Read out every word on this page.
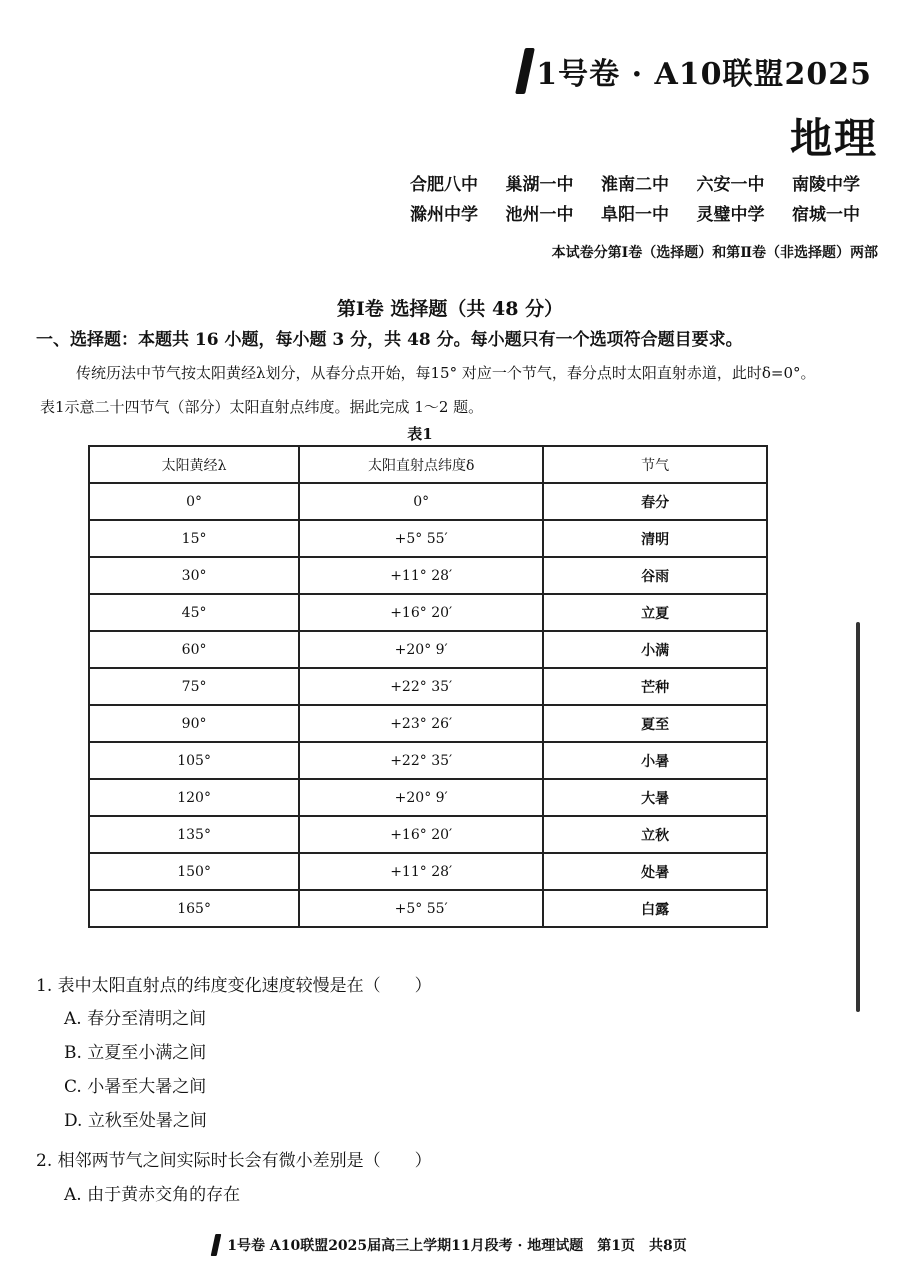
1号卷 · A10联盟2025
地理
合肥八中 巢湖一中 淮南二中 六安一中 南陵中学
滁州中学 池州一中 阜阳一中 灵璧中学 宿城一中
本试卷分第Ⅰ卷（选择题）和第Ⅱ卷（非选择题）两部
第Ⅰ卷 选择题（共 48 分）
一、选择题：本题共 16 小题，每小题 3 分，共 48 分。每小题只有一个选项符合题目要求。
传统历法中节气按太阳黄经λ划分，从春分点开始，每15° 对应一个节气，春分点时太阳直射赤道，此时δ=0°。表1示意二十四节气（部分）太阳直射点纬度。据此完成 1～2 题。
表1
太阳黄经λ	太阳直射点纬度δ	节气
0°	0°	春分
15°	+5° 55′	清明
30°	+11° 28′	谷雨
45°	+16° 20′	立夏
60°	+20° 9′	小满
75°	+22° 35′	芒种
90°	+23° 26′	夏至
105°	+22° 35′	小暑
120°	+20° 9′	大暑
135°	+16° 20′	立秋
150°	+11° 28′	处暑
165°	+5° 55′	白露
1. 表中太阳直射点的纬度变化速度较慢是在（　　）
A. 春分至清明之间
B. 立夏至小满之间
C. 小暑至大暑之间
D. 立秋至处暑之间
2. 相邻两节气之间实际时长会有微小差别是（　　）
A. 由于黄赤交角的存在
1号卷 A10联盟2025届高三上学期11月段考 · 地理试题　第1页　共8页
